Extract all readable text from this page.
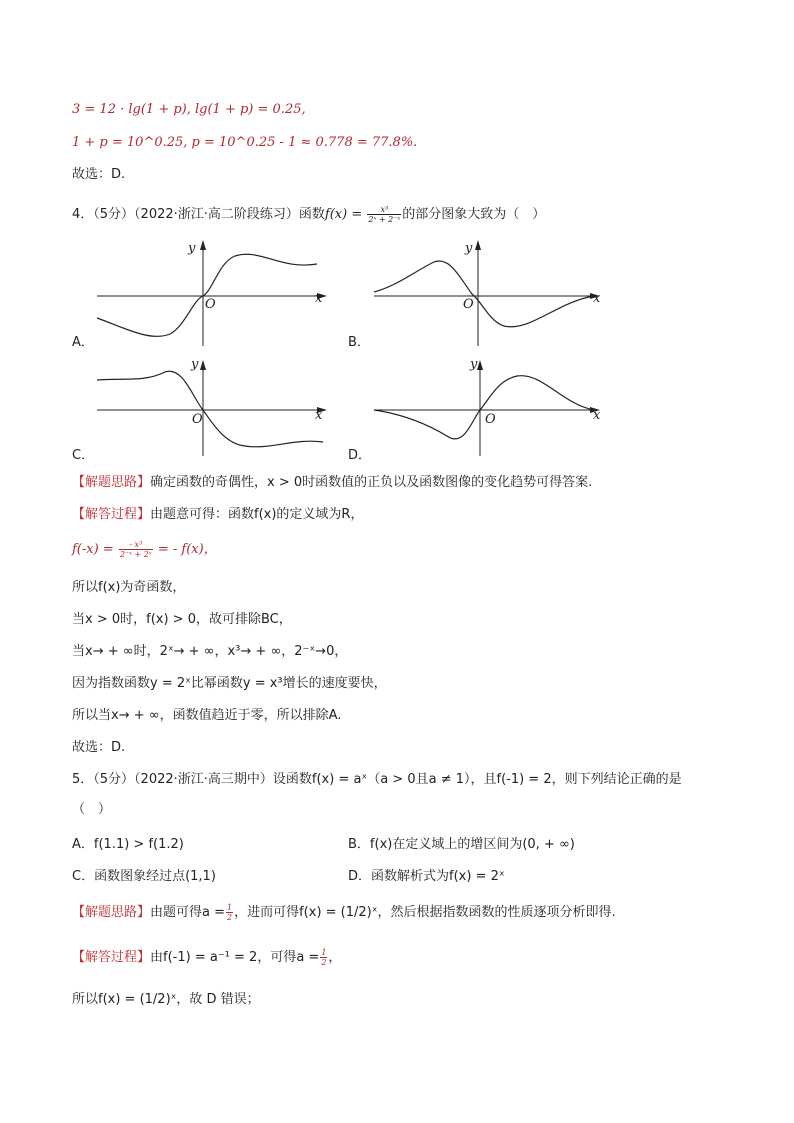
3 = 12 · lg(1 + p), lg(1 + p) = 0.25,
1 + p = 10^0.25, p = 10^0.25 - 1 ≈ 0.778 = 77.8%.
故选：D.
4．（5分）（2022·浙江·高二阶段练习）函数$f(x) = \frac{\text{x³}}{\text{2ˣ + 2⁻ˣ}}$ 的部分图象大致为（　）
y
x
O
A．
y
x
O
B．
y
x
O
C．
y
x
O
D．
【解题思路】确定函数的奇偶性，x > 0时函数值的正负以及函数图像的变化趋势可得答案.
【解答过程】由题意可得：函数f(x)的定义域为R，
$f(-x) = \frac{\text{- x³}}{\text{2⁻ˣ + 2ˣ}}$ = - f(x)，
所以f(x)为奇函数，
当x > 0时，f(x) > 0，故可排除BC，
当x→ + ∞时，2ˣ→ + ∞，x³→ + ∞，2⁻ˣ→0，
因为指数函数y = 2ˣ比幂函数y = x³增长的速度要快，
所以当x→ + ∞，函数值趋近于零，所以排除A.
故选：D.
5．（5分）（2022·浙江·高三期中）设函数f(x) = aˣ（a > 0且a ≠ 1），且f(-1) = 2，则下列结论正确的是
（　）
A．f(1.1) > f(1.2)	B．f(x)在定义域上的增区间为(0, + ∞)
C．函数图象经过点(1,1)	D．函数解析式为f(x) = 2ˣ
【解题思路】由题可得$a = \frac{1}{2}$ ，进而可得f(x) = (1/2)ˣ，然后根据指数函数的性质逐项分析即得.
【解答过程】由f(-1) = a⁻¹ = 2，可得$a = \frac{1}{2}$ ，
所以f(x) = (1/2)ˣ，故 D 错误；
